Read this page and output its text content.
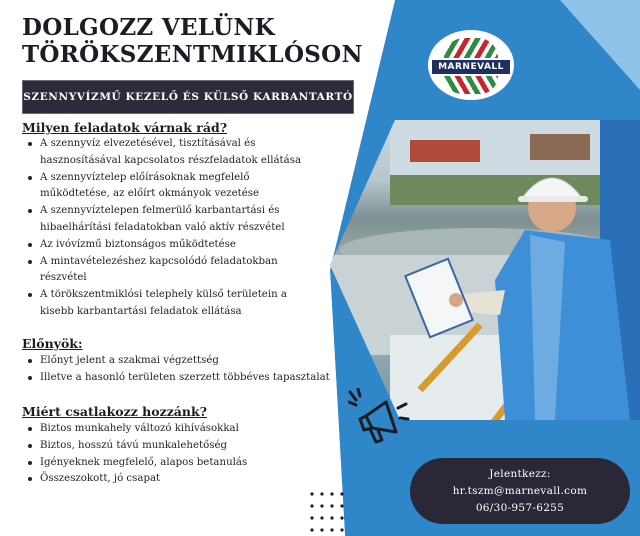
DOLGOZZ VELÜNK
TÖRÖKSZENTMIKLÓSON
SZENNYVÍZMŰ KEZELŐ ÉS KÜLSŐ KARBANTARTÓ
MARNEVALL
Milyen feladatok várnak rád?
A szennyvíz elvezetésével, tisztításával és hasznosításával kapcsolatos részfeladatok ellátása
A szennyvíztelep előírásoknak megfelelő működtetése, az előírt okmányok vezetése
A szennyvíztelepen felmerülő karbantartási és hibaelhárítási feladatokban való aktív részvétel
Az ivóvízmű biztonságos működtetése
A mintavételezéshez kapcsolódó feladatokban részvétel
A törökszentmiklósi telephely külső területein a kisebb karbantartási feladatok ellátása
Előnyök:
Előnyt jelent a szakmai végzettség
Illetve a hasonló területen szerzett többéves tapasztalat
Miért csatlakozz hozzánk?
Biztos munkahely változó kihívásokkal
Biztos, hosszú távú munkalehetőség
Igényeknek megfelelő, alapos betanulás
Összeszokott, jó csapat	Jelentkezz:
hr.tszm@marnevall.com
06/30-957-6255
